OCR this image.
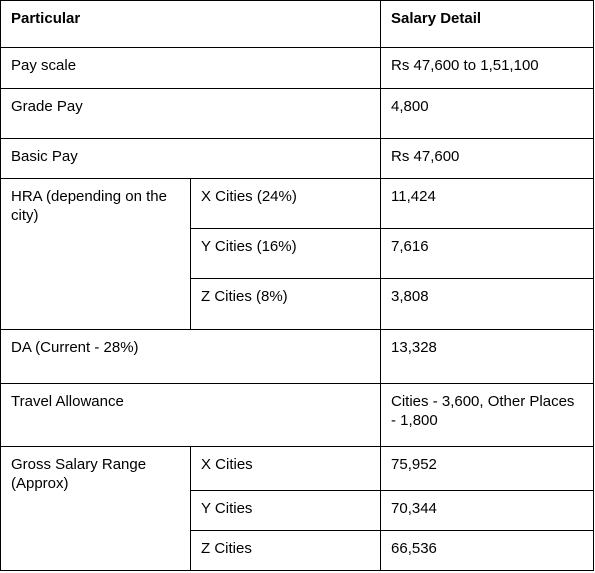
Particular		Salary Detail
Pay scale		Rs 47,600 to 1,51,100
Grade Pay		4,800
Basic Pay		Rs 47,600
HRA (depending on the city)	X Cities (24%)	11,424
	Y Cities (16%)	7,616
	Z Cities (8%)	3,808
DA (Current - 28%)		13,328
Travel Allowance		Cities - 3,600, Other Places - 1,800
Gross Salary Range (Approx)	X Cities	75,952
	Y Cities	70,344
	Z Cities	66,536
